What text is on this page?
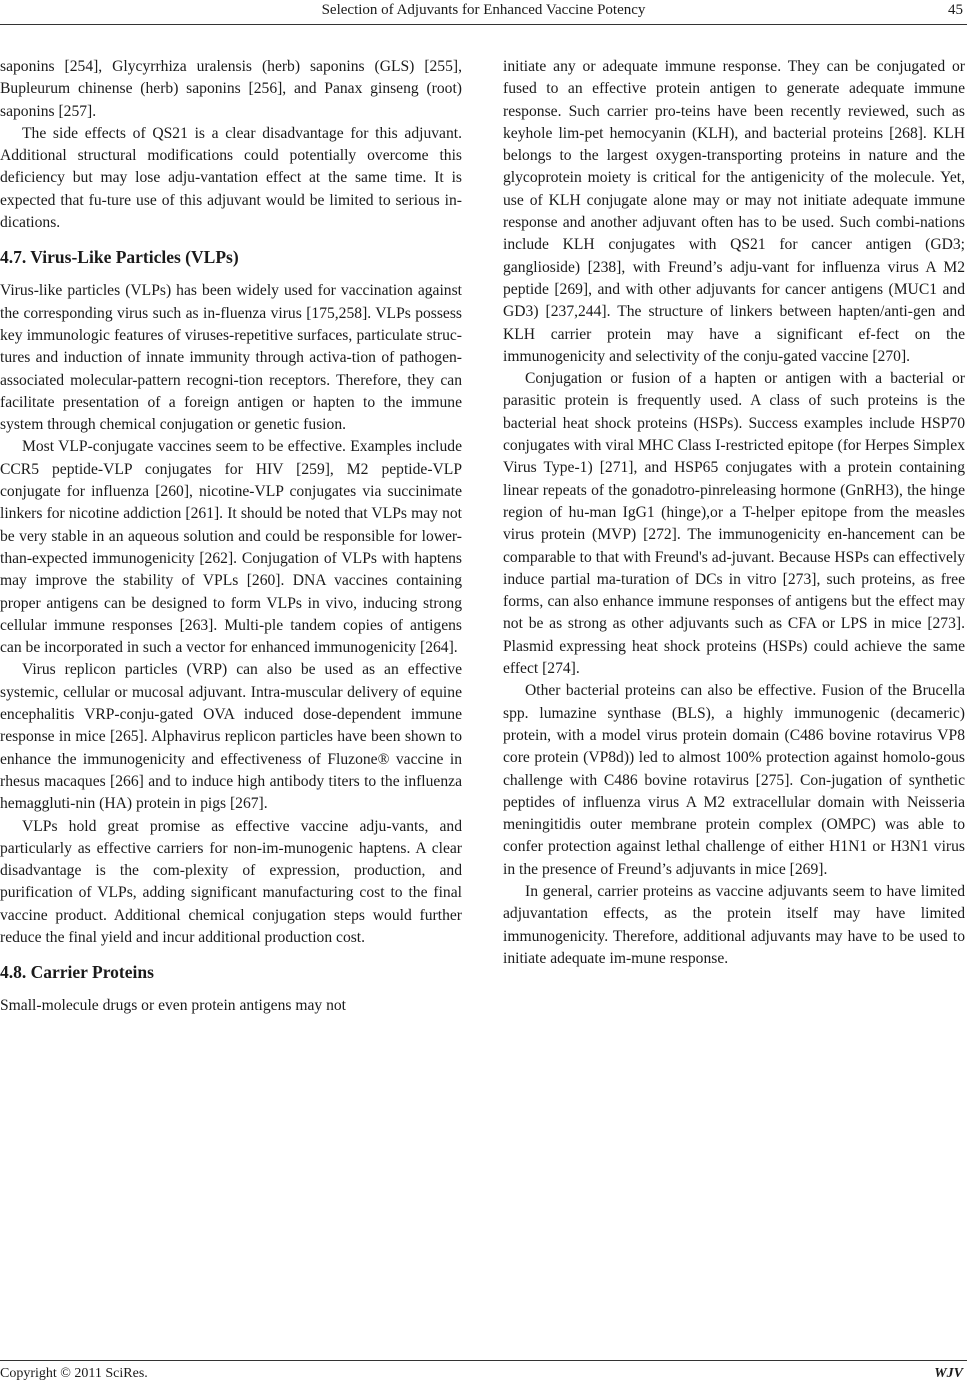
Selection of Adjuvants for Enhanced Vaccine Potency	45

saponins [254], Glycyrrhiza uralensis (herb) saponins (GLS) [255], Bupleurum chinense (herb) saponins [256], and Panax ginseng (root) saponins [257].

The side effects of QS21 is a clear disadvantage for this adjuvant. Additional structural modifications could potentially overcome this deficiency but may lose adju-vantation effect at the same time. It is expected that fu-ture use of this adjuvant would be limited to serious in-dications.

4.7. Virus-Like Particles (VLPs)

Virus-like particles (VLPs) has been widely used for vaccination against the corresponding virus such as in-fluenza virus [175,258]. VLPs possess key immunologic features of viruses-repetitive surfaces, particulate struc-tures and induction of innate immunity through activa-tion of pathogen-associated molecular-pattern recogni-tion receptors. Therefore, they can facilitate presentation of a foreign antigen or hapten to the immune system through chemical conjugation or genetic fusion.

Most VLP-conjugate vaccines seem to be effective. Examples include CCR5 peptide-VLP conjugates for HIV [259], M2 peptide-VLP conjugate for influenza [260], nicotine-VLP conjugates via succinimate linkers for nicotine addiction [261]. It should be noted that VLPs may not be very stable in an aqueous solution and could be responsible for lower-than-expected immunogenicity [262]. Conjugation of VLPs with haptens may improve the stability of VPLs [260]. DNA vaccines containing proper antigens can be designed to form VLPs in vivo, inducing strong cellular immune responses [263]. Multi-ple tandem copies of antigens can be incorporated in such a vector for enhanced immunogenicity [264].

Virus replicon particles (VRP) can also be used as an effective systemic, cellular or mucosal adjuvant. Intra-muscular delivery of equine encephalitis VRP-conju-gated OVA induced dose-dependent immune response in mice [265]. Alphavirus replicon particles have been shown to enhance the immunogenicity and effectiveness of Fluzone® vaccine in rhesus macaques [266] and to induce high antibody titers to the influenza hemaggluti-nin (HA) protein in pigs [267].

VLPs hold great promise as effective vaccine adju-vants, and particularly as effective carriers for non-im-munogenic haptens. A clear disadvantage is the com-plexity of expression, production, and purification of VLPs, adding significant manufacturing cost to the final vaccine product. Additional chemical conjugation steps would further reduce the final yield and incur additional production cost.

4.8. Carrier Proteins

Small-molecule drugs or even protein antigens may not

initiate any or adequate immune response. They can be conjugated or fused to an effective protein antigen to generate adequate immune response. Such carrier pro-teins have been recently reviewed, such as keyhole lim-pet hemocyanin (KLH), and bacterial proteins [268]. KLH belongs to the largest oxygen-transporting proteins in nature and the glycoprotein moiety is critical for the antigenicity of the molecule. Yet, use of KLH conjugate alone may or may not initiate adequate immune response and another adjuvant often has to be used. Such combi-nations include KLH conjugates with QS21 for cancer antigen (GD3; ganglioside) [238], with Freund’s adju-vant for influenza virus A M2 peptide [269], and with other adjuvants for cancer antigens (MUC1 and GD3) [237,244]. The structure of linkers between hapten/anti-gen and KLH carrier protein may have a significant ef-fect on the immunogenicity and selectivity of the conju-gated vaccine [270].

Conjugation or fusion of a hapten or antigen with a bacterial or parasitic protein is frequently used. A class of such proteins is the bacterial heat shock proteins (HSPs). Success examples include HSP70 conjugates with viral MHC Class I-restricted epitope (for Herpes Simplex Virus Type-1) [271], and HSP65 conjugates with a protein containing linear repeats of the gonadotro-pinreleasing hormone (GnRH3), the hinge region of hu-man IgG1 (hinge),or a T-helper epitope from the measles virus protein (MVP) [272]. The immunogenicity en-hancement can be comparable to that with Freund's ad-juvant. Because HSPs can effectively induce partial ma-turation of DCs in vitro [273], such proteins, as free forms, can also enhance immune responses of antigens but the effect may not be as strong as other adjuvants such as CFA or LPS in mice [273]. Plasmid expressing heat shock proteins (HSPs) could achieve the same effect [274].

Other bacterial proteins can also be effective. Fusion of the Brucella spp. lumazine synthase (BLS), a highly immunogenic (decameric) protein, with a model virus protein domain (C486 bovine rotavirus VP8 core protein (VP8d)) led to almost 100% protection against homolo-gous challenge with C486 bovine rotavirus [275]. Con-jugation of synthetic peptides of influenza virus A M2 extracellular domain with Neisseria meningitidis outer membrane protein complex (OMPC) was able to confer protection against lethal challenge of either H1N1 or H3N1 virus in the presence of Freund’s adjuvants in mice [269].

In general, carrier proteins as vaccine adjuvants seem to have limited adjuvantation effects, as the protein itself may have limited immunogenicity. Therefore, additional adjuvants may have to be used to initiate adequate im-mune response.

Copyright © 2011 SciRes.	WJV
